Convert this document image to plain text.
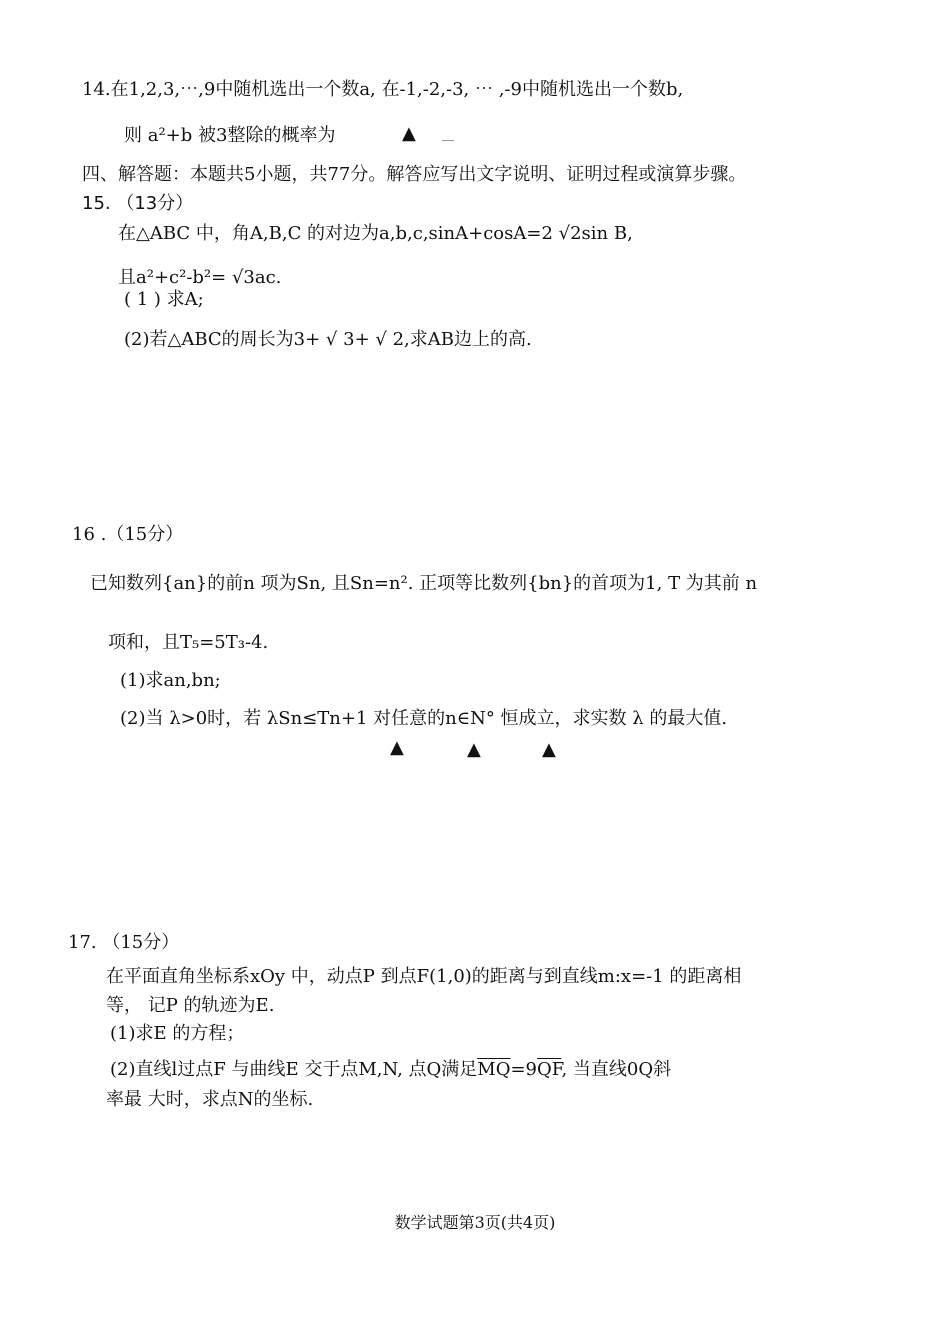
14.在1,2,3,⋯,9中随机选出一个数a, 在-1,-2,-3, ⋯ ,-9中随机选出一个数b,
则 a²+b 被3整除的概率为	▲
四、解答题：本题共5小题，共77分。解答应写出文字说明、证明过程或演算步骤。
15. （13分）
在△ABC 中，角A,B,C 的对边为a,b,c,sinA+cosA=2 √2sin B,
且a²+c²-b²= √3ac.
( 1 ) 求A;
(2)若△ABC的周长为3+ √ 3+ √ 2,求AB边上的高.
16 .（15分）
已知数列{an}的前n 项为Sn, 且Sn=n². 正项等比数列{bn}的首项为1, T 为其前 n
项和，且T₅=5T₃-4.
(1)求an,bn;
(2)当 λ>0时，若 λSn≤Tn+1 对任意的n∈N° 恒成立，求实数 λ 的最大值.
▲	▲	▲
17. （15分）
在平面直角坐标系xOy 中，动点P 到点F(1,0)的距离与到直线m:x=-1 的距离相
等， 记P 的轨迹为E.
(1)求E 的方程；
(2)直线l过点F 与曲线E 交于点M,N, 点Q满足$\overline{MQ}=9\overline{QF}$, 当直线0Q斜
率最 大时，求点N的坐标.
数学试题第3页(共4页)
